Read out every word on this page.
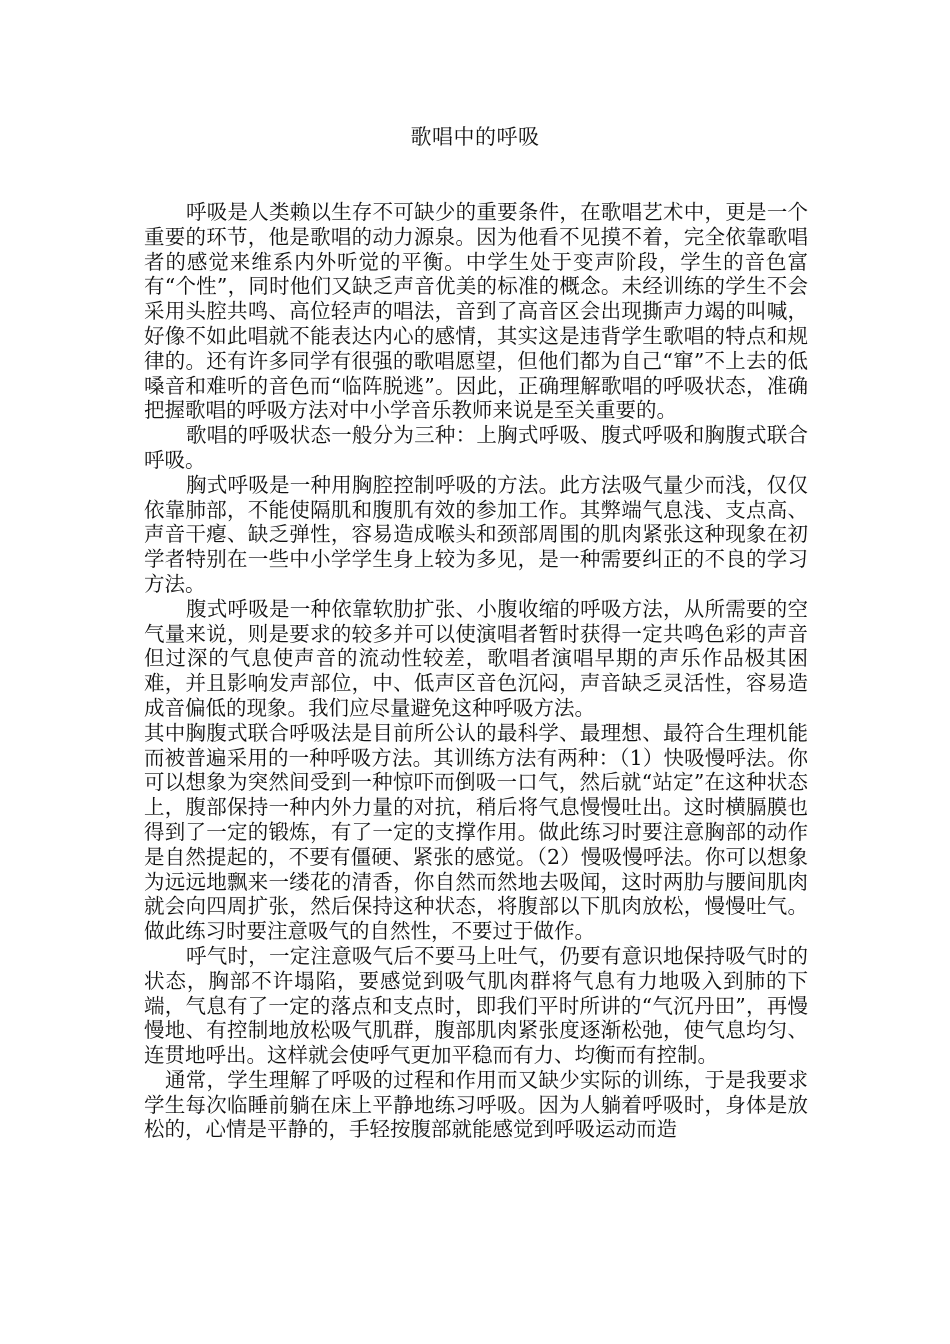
歌唱中的呼吸

呼吸是人类赖以生存不可缺少的重要条件，在歌唱艺术中，更是一个重要的环节，他是歌唱的动力源泉。因为他看不见摸不着，完全依靠歌唱者的感觉来维系内外听觉的平衡。中学生处于变声阶段，学生的音色富有“个性”，同时他们又缺乏声音优美的标准的概念。未经训练的学生不会采用头腔共鸣、高位轻声的唱法，音到了高音区会出现撕声力竭的叫喊，好像不如此唱就不能表达内心的感情，其实这是违背学生歌唱的特点和规律的。还有许多同学有很强的歌唱愿望，但他们都为自己“窜”不上去的低嗓音和难听的音色而“临阵脱逃”。因此，正确理解歌唱的呼吸状态，准确把握歌唱的呼吸方法对中小学音乐教师来说是至关重要的。

歌唱的呼吸状态一般分为三种：上胸式呼吸、腹式呼吸和胸腹式联合呼吸。

胸式呼吸是一种用胸腔控制呼吸的方法。此方法吸气量少而浅，仅仅依靠肺部，不能使隔肌和腹肌有效的参加工作。其弊端气息浅、支点高、声音干瘪、缺乏弹性，容易造成喉头和颈部周围的肌肉紧张这种现象在初学者特别在一些中小学学生身上较为多见，是一种需要纠正的不良的学习方法。

腹式呼吸是一种依靠软肋扩张、小腹收缩的呼吸方法，从所需要的空气量来说，则是要求的较多并可以使演唱者暂时获得一定共鸣色彩的声音但过深的气息使声音的流动性较差，歌唱者演唱早期的声乐作品极其困难，并且影响发声部位，中、低声区音色沉闷，声音缺乏灵活性，容易造成音偏低的现象。我们应尽量避免这种呼吸方法。

其中胸腹式联合呼吸法是目前所公认的最科学、最理想、最符合生理机能而被普遍采用的一种呼吸方法。其训练方法有两种：（1）快吸慢呼法。你可以想象为突然间受到一种惊吓而倒吸一口气，然后就“站定”在这种状态上，腹部保持一种内外力量的对抗，稍后将气息慢慢吐出。这时横膈膜也得到了一定的锻炼，有了一定的支撑作用。做此练习时要注意胸部的动作是自然提起的，不要有僵硬、紧张的感觉。（2）慢吸慢呼法。你可以想象为远远地飘来一缕花的清香，你自然而然地去吸闻，这时两肋与腰间肌肉就会向四周扩张，然后保持这种状态，将腹部以下肌肉放松，慢慢吐气。做此练习时要注意吸气的自然性，不要过于做作。

呼气时，一定注意吸气后不要马上吐气，仍要有意识地保持吸气时的状态，胸部不许塌陷，要感觉到吸气肌肉群将气息有力地吸入到肺的下端，气息有了一定的落点和支点时，即我们平时所讲的“气沉丹田”，再慢慢地、有控制地放松吸气肌群，腹部肌肉紧张度逐渐松弛，使气息均匀、连贯地呼出。这样就会使呼气更加平稳而有力、均衡而有控制。

通常，学生理解了呼吸的过程和作用而又缺少实际的训练，于是我要求学生每次临睡前躺在床上平静地练习呼吸。因为人躺着呼吸时，身体是放松的，心情是平静的，手轻按腹部就能感觉到呼吸运动而造
